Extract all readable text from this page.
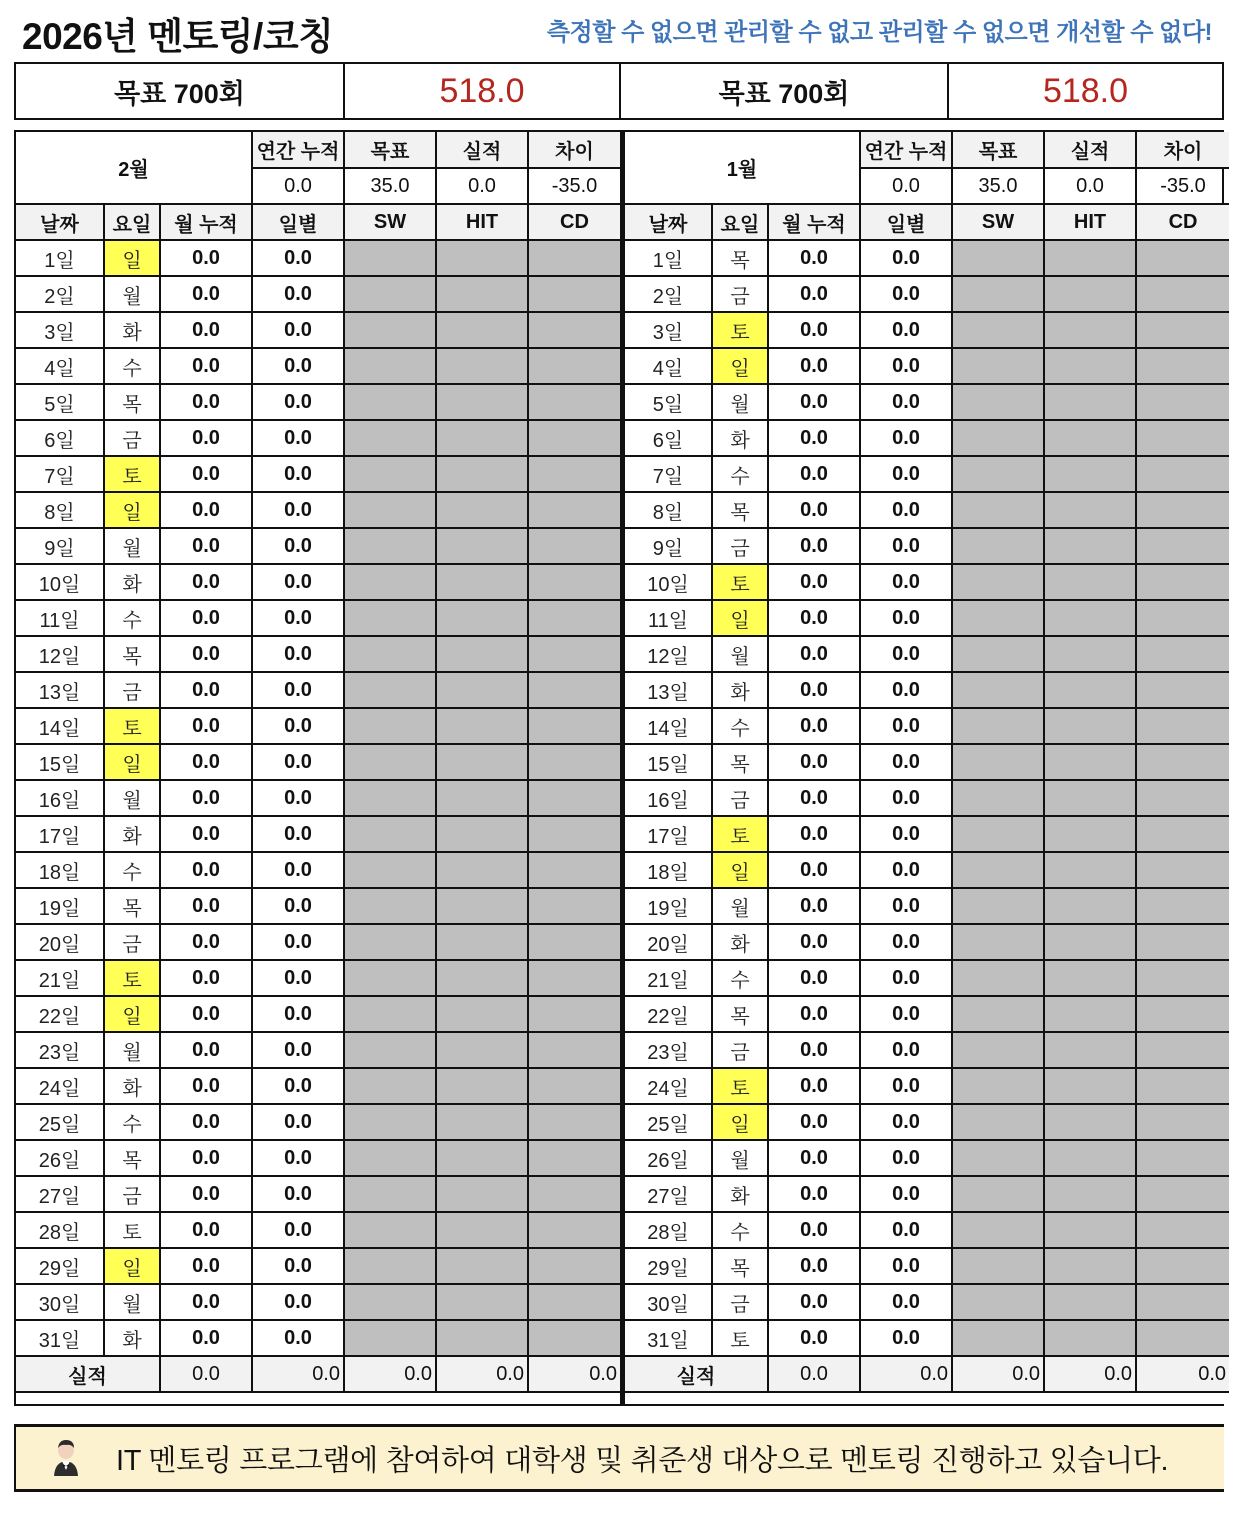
2026년 멘토링/코칭	측정할 수 없으면 관리할 수 없고 관리할 수 없으면 개선할 수 없다!
목표 700회	518.0	목표 700회	518.0
2월			연간 누적	목표	실적	차이
			0.0	35.0	0.0	-35.0
날짜	요일	월 누적	일별	SW	HIT	CD
1일	일	0.0	0.0			
2일	월	0.0	0.0			
3일	화	0.0	0.0			
4일	수	0.0	0.0			
5일	목	0.0	0.0			
6일	금	0.0	0.0			
7일	토	0.0	0.0			
8일	일	0.0	0.0			
9일	월	0.0	0.0			
10일	화	0.0	0.0			
11일	수	0.0	0.0			
12일	목	0.0	0.0			
13일	금	0.0	0.0			
14일	토	0.0	0.0			
15일	일	0.0	0.0			
16일	월	0.0	0.0			
17일	화	0.0	0.0			
18일	수	0.0	0.0			
19일	목	0.0	0.0			
20일	금	0.0	0.0			
21일	토	0.0	0.0			
22일	일	0.0	0.0			
23일	월	0.0	0.0			
24일	화	0.0	0.0			
25일	수	0.0	0.0			
26일	목	0.0	0.0			
27일	금	0.0	0.0			
28일	토	0.0	0.0			
29일	일	0.0	0.0			
30일	월	0.0	0.0			
31일	화	0.0	0.0			
실적		0.0	0.0	0.0	0.0	0.0

1월			연간 누적	목표	실적	차이
			0.0	35.0	0.0	-35.0
날짜	요일	월 누적	일별	SW	HIT	CD
1일	목	0.0	0.0			
2일	금	0.0	0.0			
3일	토	0.0	0.0			
4일	일	0.0	0.0			
5일	월	0.0	0.0			
6일	화	0.0	0.0			
7일	수	0.0	0.0			
8일	목	0.0	0.0			
9일	금	0.0	0.0			
10일	토	0.0	0.0			
11일	일	0.0	0.0			
12일	월	0.0	0.0			
13일	화	0.0	0.0			
14일	수	0.0	0.0			
15일	목	0.0	0.0			
16일	금	0.0	0.0			
17일	토	0.0	0.0			
18일	일	0.0	0.0			
19일	월	0.0	0.0			
20일	화	0.0	0.0			
21일	수	0.0	0.0			
22일	목	0.0	0.0			
23일	금	0.0	0.0			
24일	토	0.0	0.0			
25일	일	0.0	0.0			
26일	월	0.0	0.0			
27일	화	0.0	0.0			
28일	수	0.0	0.0			
29일	목	0.0	0.0			
30일	금	0.0	0.0			
31일	토	0.0	0.0			
실적		0.0	0.0	0.0	0.0	0.0

IT 멘토링 프로그램에 참여하여 대학생 및 취준생 대상으로 멘토링 진행하고 있습니다.
